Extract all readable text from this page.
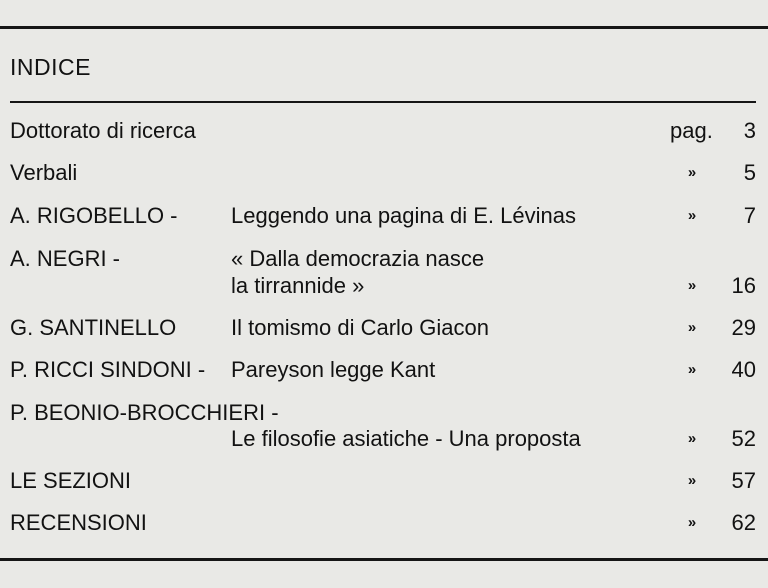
INDICE
Dottorato di ricerca	pag. 3
Verbali	» 5
A. RIGOBELLO - Leggendo una pagina di E. Lévinas	» 7
A. NEGRI -	« Dalla democrazia nasce
la tirrannide »	» 16
G. SANTINELLO Il tomismo di Carlo Giacon	» 29
P. RICCI SINDONI - Pareyson legge Kant	» 40
P. BEONIO-BROCCHIERI -
Le filosofie asiatiche - Una proposta	» 52
LE SEZIONI	» 57
RECENSIONI	» 62
